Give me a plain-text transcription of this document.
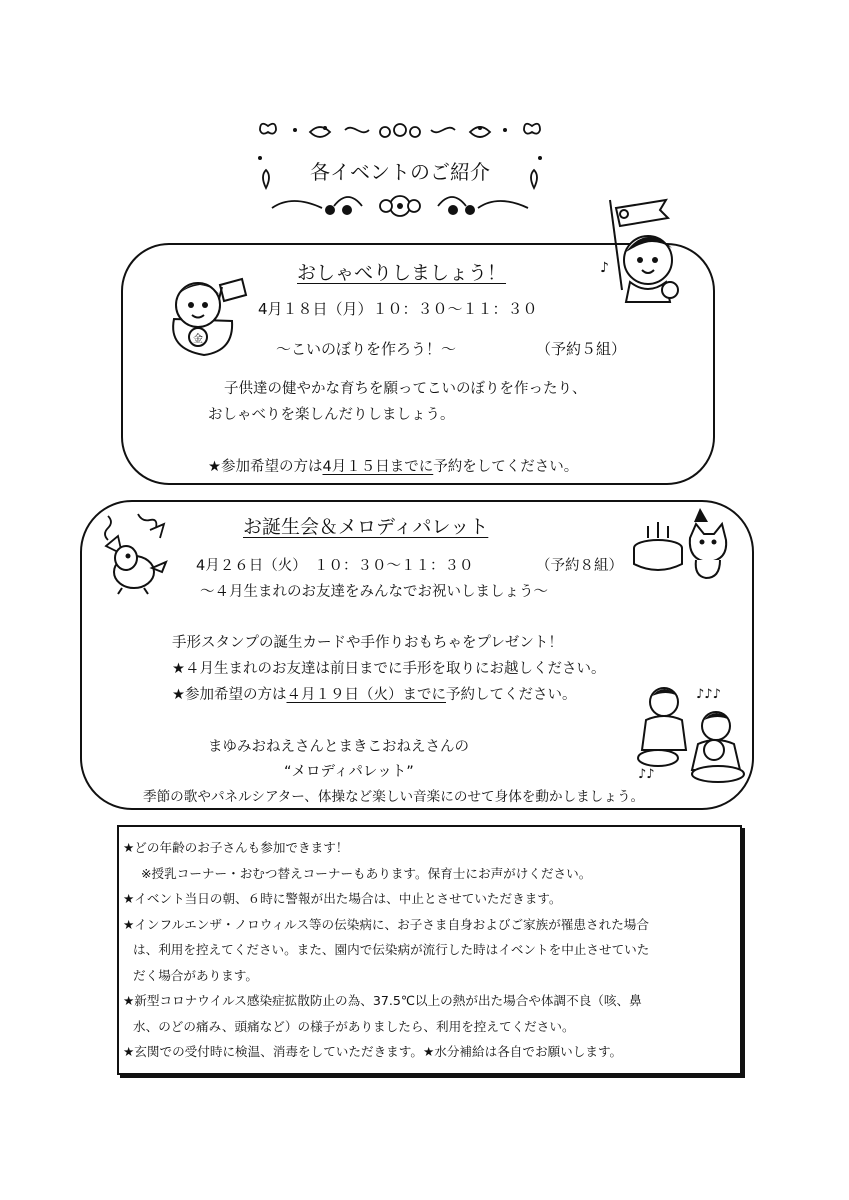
各イベントのご紹介
金
♪
おしゃべりしましょう！
4月１８日（月）１０：３０～１１：３０
～こいのぼりを作ろう！～	（予約５組）
子供達の健やかな育ちを願ってこいのぼりを作ったり、
おしゃべりを楽しんだりしましょう。
★参加希望の方は4月１５日までに予約をしてください。
♪♪♪
♪♪
お誕生会＆メロディパレット
4月２６日（火）　１０：３０～１１：３０	（予約８組）
～４月生まれのお友達をみんなでお祝いしましょう～
手形スタンプの誕生カードや手作りおもちゃをプレゼント！
★４月生まれのお友達は前日までに手形を取りにお越しください。
★参加希望の方は４月１９日（火）までに予約してください。
まゆみおねえさんとまきこおねえさんの
“メロディパレット”
季節の歌やパネルシアター、体操など楽しい音楽にのせて身体を動かしましょう。

★どの年齢のお子さんも参加できます！

※授乳コーナー・おむつ替えコーナーもあります。保育士にお声がけください。

★イベント当日の朝、６時に警報が出た場合は、中止とさせていただきます。

★インフルエンザ・ノロウィルス等の伝染病に、お子さま自身およびご家族が罹患された場合

は、利用を控えてください。また、園内で伝染病が流行した時はイベントを中止させていた

だく場合があります。

★新型コロナウイルス感染症拡散防止の為、37.5℃以上の熱が出た場合や体調不良（咳、鼻

水、のどの痛み、頭痛など）の様子がありましたら、利用を控えてください。

★玄関での受付時に検温、消毒をしていただきます。★水分補給は各自でお願いします。
